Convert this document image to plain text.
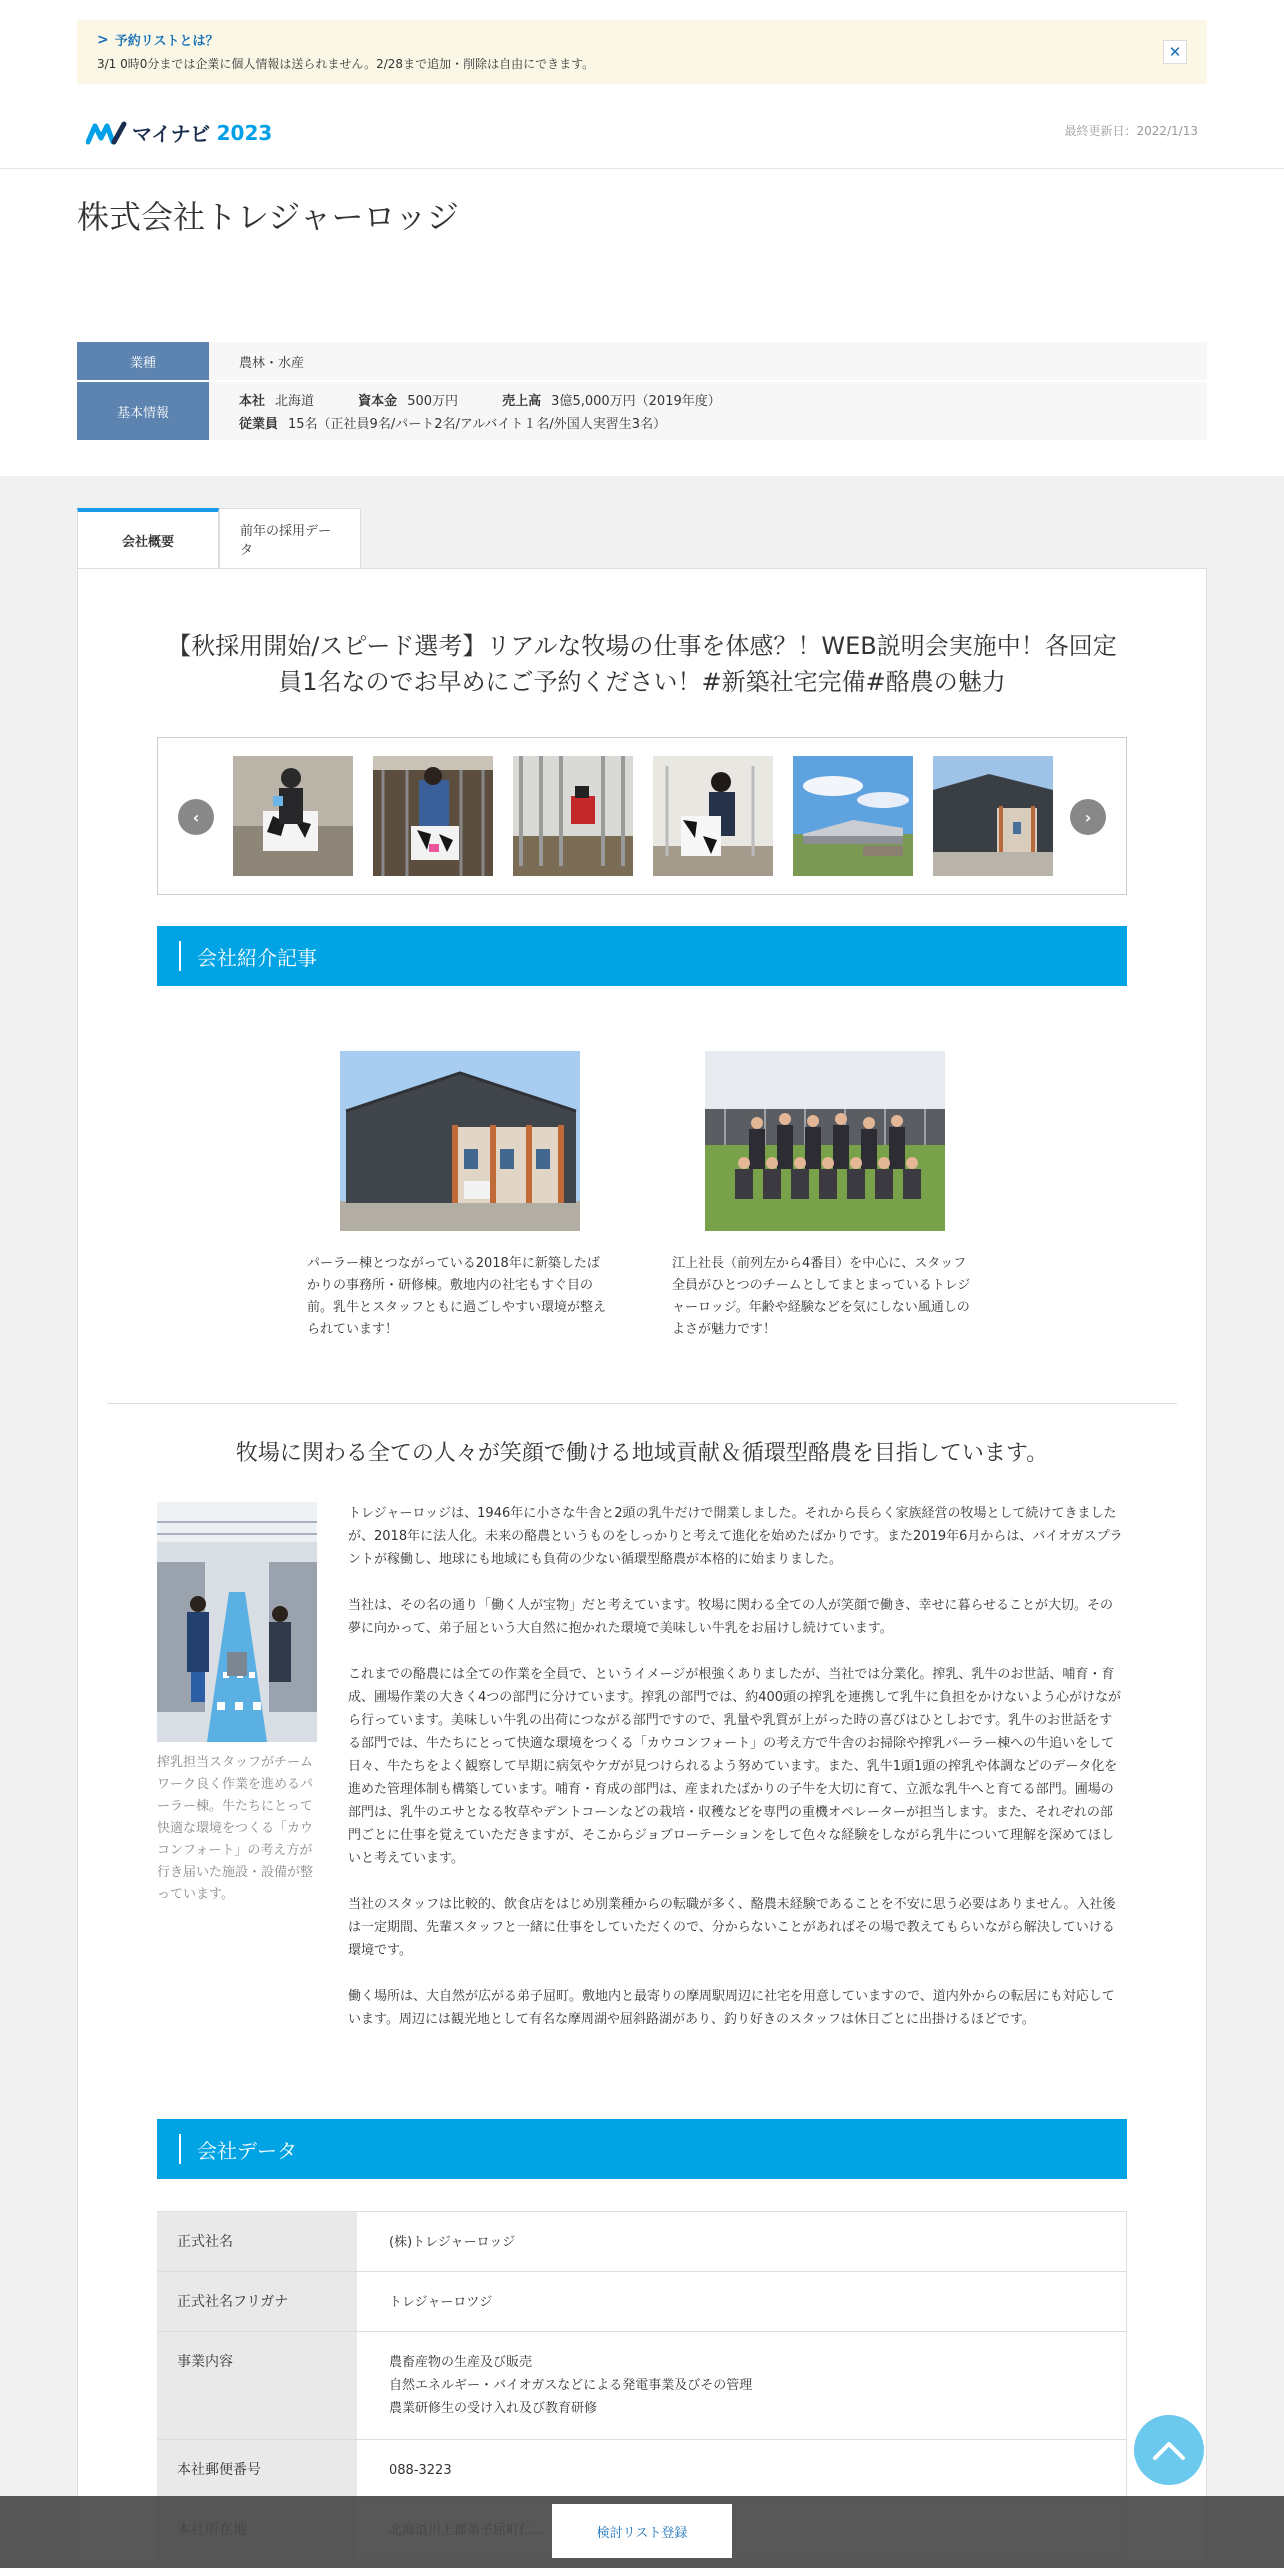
> 予約リストとは？
3/1 0時0分までは企業に個人情報は送られません。2/28まで追加・削除は自由にできます。
✕
マイナビ 2023	最終更新日：2022/1/13
株式会社トレジャーロッジ
業種	農林・水産
基本情報
本社 北海道	資本金 500万円	売上高 3億5,000万円（2019年度）
従業員 15名（正社員9名/パート2名/アルバイト１名/外国人実習生3名）
会社概要
前年の採用データ
【秋採用開始/スピード選考】リアルな牧場の仕事を体感？！WEB説明会実施中！各回定員1名なのでお早めにご予約ください！#新築社宅完備#酪農の魅力
‹	›
会社紹介記事
パーラー棟とつながっている2018年に新築したばかりの事務所・研修棟。敷地内の社宅もすぐ目の前。乳牛とスタッフともに過ごしやすい環境が整えられています！
江上社長（前列左から4番目）を中心に、スタッフ全員がひとつのチームとしてまとまっているトレジャーロッジ。年齢や経験などを気にしない風通しのよさが魅力です！
牧場に関わる全ての人々が笑顔で働ける地域貢献＆循環型酪農を目指しています。
搾乳担当スタッフがチームワーク良く作業を進めるパーラー棟。牛たちにとって快適な環境をつくる「カウコンフォート」の考え方が行き届いた施設・設備が整っています。

トレジャーロッジは、1946年に小さな牛舎と2頭の乳牛だけで開業しました。それから長らく家族経営の牧場として続けてきましたが、2018年に法人化。未来の酪農というものをしっかりと考えて進化を始めたばかりです。また2019年6月からは、バイオガスプラントが稼働し、地球にも地域にも負荷の少ない循環型酪農が本格的に始まりました。

当社は、その名の通り「働く人が宝物」だと考えています。牧場に関わる全ての人が笑顔で働き、幸せに暮らせることが大切。その夢に向かって、弟子屈という大自然に抱かれた環境で美味しい牛乳をお届けし続けています。

これまでの酪農には全ての作業を全員で、というイメージが根強くありましたが、当社では分業化。搾乳、乳牛のお世話、哺育・育成、圃場作業の大きく4つの部門に分けています。搾乳の部門では、約400頭の搾乳を連携して乳牛に負担をかけないよう心がけながら行っています。美味しい牛乳の出荷につながる部門ですので、乳量や乳質が上がった時の喜びはひとしおです。乳牛のお世話をする部門では、牛たちにとって快適な環境をつくる「カウコンフォート」の考え方で牛舎のお掃除や搾乳パーラー棟への牛追いをして日々、牛たちをよく観察して早期に病気やケガが見つけられるよう努めています。また、乳牛1頭1頭の搾乳や体調などのデータ化を進めた管理体制も構築しています。哺育・育成の部門は、産まれたばかりの子牛を大切に育て、立派な乳牛へと育てる部門。圃場の部門は、乳牛のエサとなる牧草やデントコーンなどの栽培・収穫などを専門の重機オペレーターが担当します。また、それぞれの部門ごとに仕事を覚えていただきますが、そこからジョブローテーションをして色々な経験をしながら乳牛について理解を深めてほしいと考えています。

当社のスタッフは比較的、飲食店をはじめ別業種からの転職が多く、酪農未経験であることを不安に思う必要はありません。入社後は一定期間、先輩スタッフと一緒に仕事をしていただくので、分からないことがあればその場で教えてもらいながら解決していける環境です。

働く場所は、大自然が広がる弟子屈町。敷地内と最寄りの摩周駅周辺に社宅を用意していますので、道内外からの転居にも対応しています。周辺には観光地として有名な摩周湖や屈斜路湖があり、釣り好きのスタッフは休日ごとに出掛けるほどです。

会社データ
正式社名	(株)トレジャーロッジ
正式社名フリガナ	トレジャーロツジ
事業内容	農畜産物の生産及び販売
自然エネルギー・バイオガスなどによる発電事業及びその管理
農業研修生の受け入れ及び教育研修
本社郵便番号	088-3223
検討リスト登録
